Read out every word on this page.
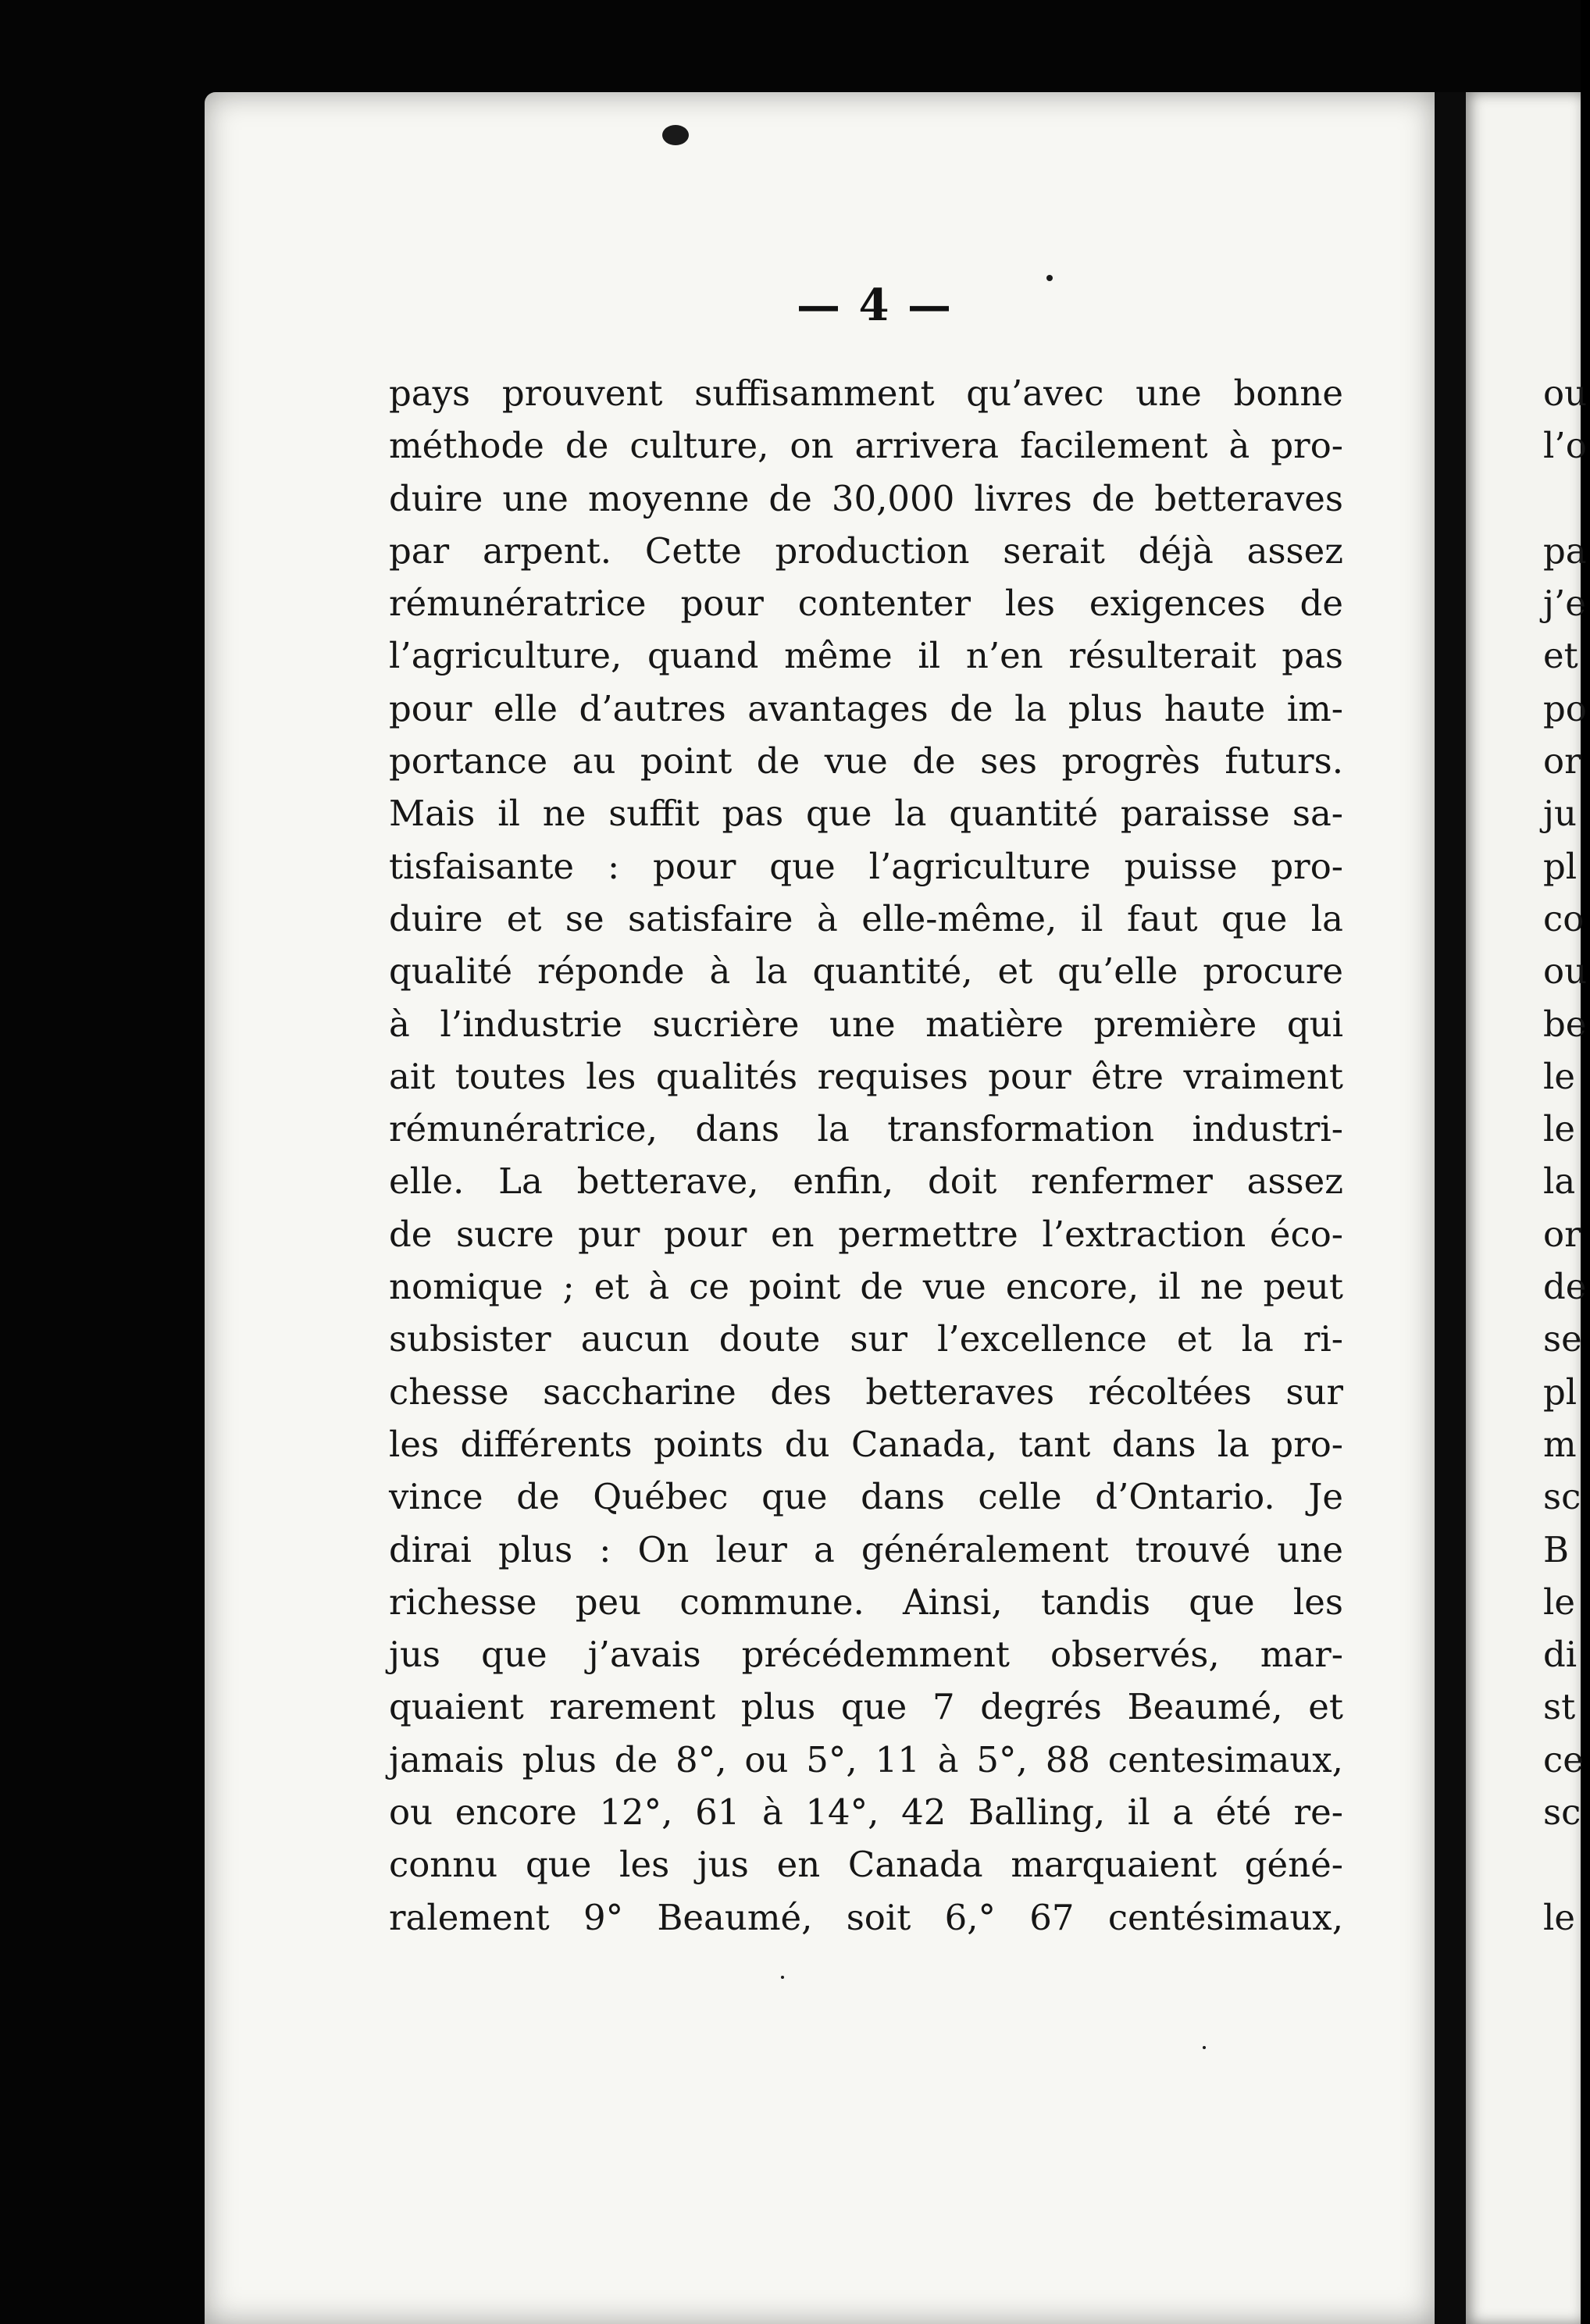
— 4 —
pays prouvent suffisamment qu’avec une bonne
méthode de culture, on arrivera facilement à pro-
duire une moyenne de 30,000 livres de betteraves
par arpent. Cette production serait déjà assez
rémunératrice pour contenter les exigences de
l’agriculture, quand même il n’en résulterait pas
pour elle d’autres avantages de la plus haute im-
portance au point de vue de ses progrès futurs.
Mais il ne suffit pas que la quantité paraisse sa-
tisfaisante : pour que l’agriculture puisse pro-
duire et se satisfaire à elle-même, il faut que la
qualité réponde à la quantité, et qu’elle procure
à l’industrie sucrière une matière première qui
ait toutes les qualités requises pour être vraiment
rémunératrice, dans la transformation industri-
elle. La betterave, enfin, doit renfermer assez
de sucre pur pour en permettre l’extraction éco-
nomique ; et à ce point de vue encore, il ne peut
subsister aucun doute sur l’excellence et la ri-
chesse saccharine des betteraves récoltées sur
les différents points du Canada, tant dans la pro-
vince de Québec que dans celle d’Ontario. Je
dirai plus : On leur a généralement trouvé une
richesse peu commune. Ainsi, tandis que les
jus que j’avais précédemment observés, mar-
quaient rarement plus que 7 degrés Beaumé, et
jamais plus de 8°, ou 5°, 11 à 5°, 88 centesimaux,
ou encore 12°, 61 à 14°, 42 Balling, il a été re-
connu que les jus en Canada marquaient géné-
ralement 9° Beaumé, soit 6,° 67 centésimaux,
ou
l’o
pa
j’e
et
po
or
ju
pl
co
ou
be
le
le
la
or
de
se
pl
m
sc
B
le
di
st
ce
sc
le
